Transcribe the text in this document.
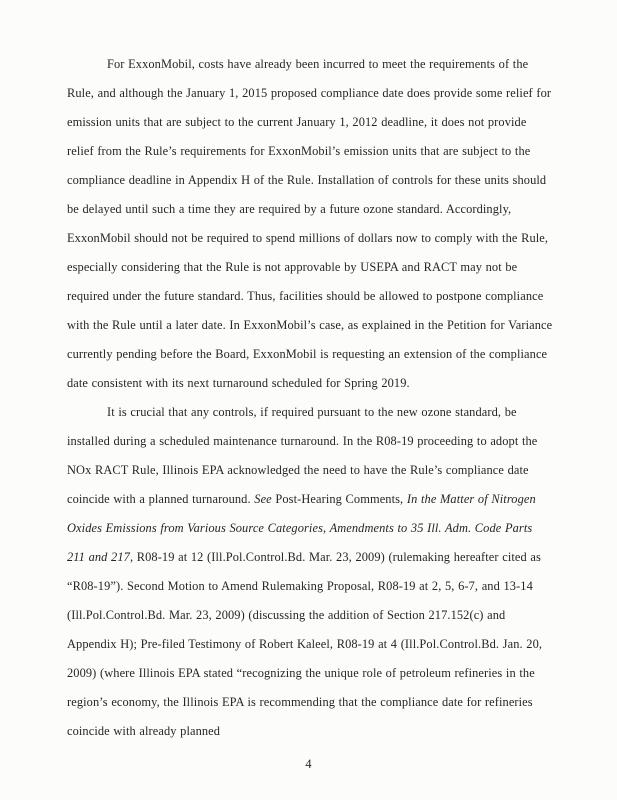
For ExxonMobil, costs have already been incurred to meet the requirements of the Rule, and although the January 1, 2015 proposed compliance date does provide some relief for emission units that are subject to the current January 1, 2012 deadline, it does not provide relief from the Rule’s requirements for ExxonMobil’s emission units that are subject to the compliance deadline in Appendix H of the Rule. Installation of controls for these units should be delayed until such a time they are required by a future ozone standard. Accordingly, ExxonMobil should not be required to spend millions of dollars now to comply with the Rule, especially considering that the Rule is not approvable by USEPA and RACT may not be required under the future standard. Thus, facilities should be allowed to postpone compliance with the Rule until a later date. In ExxonMobil’s case, as explained in the Petition for Variance currently pending before the Board, ExxonMobil is requesting an extension of the compliance date consistent with its next turnaround scheduled for Spring 2019.

It is crucial that any controls, if required pursuant to the new ozone standard, be installed during a scheduled maintenance turnaround. In the R08-19 proceeding to adopt the NOx RACT Rule, Illinois EPA acknowledged the need to have the Rule’s compliance date coincide with a planned turnaround. See Post-Hearing Comments, In the Matter of Nitrogen Oxides Emissions from Various Source Categories, Amendments to 35 Ill. Adm. Code Parts 211 and 217, R08-19 at 12 (Ill.Pol.Control.Bd. Mar. 23, 2009) (rulemaking hereafter cited as “R08-19”). Second Motion to Amend Rulemaking Proposal, R08-19 at 2, 5, 6-7, and 13-14 (Ill.Pol.Control.Bd. Mar. 23, 2009) (discussing the addition of Section 217.152(c) and Appendix H); Pre-filed Testimony of Robert Kaleel, R08-19 at 4 (Ill.Pol.Control.Bd. Jan. 20, 2009) (where Illinois EPA stated “recognizing the unique role of petroleum refineries in the region’s economy, the Illinois EPA is recommending that the compliance date for refineries coincide with already planned

4
